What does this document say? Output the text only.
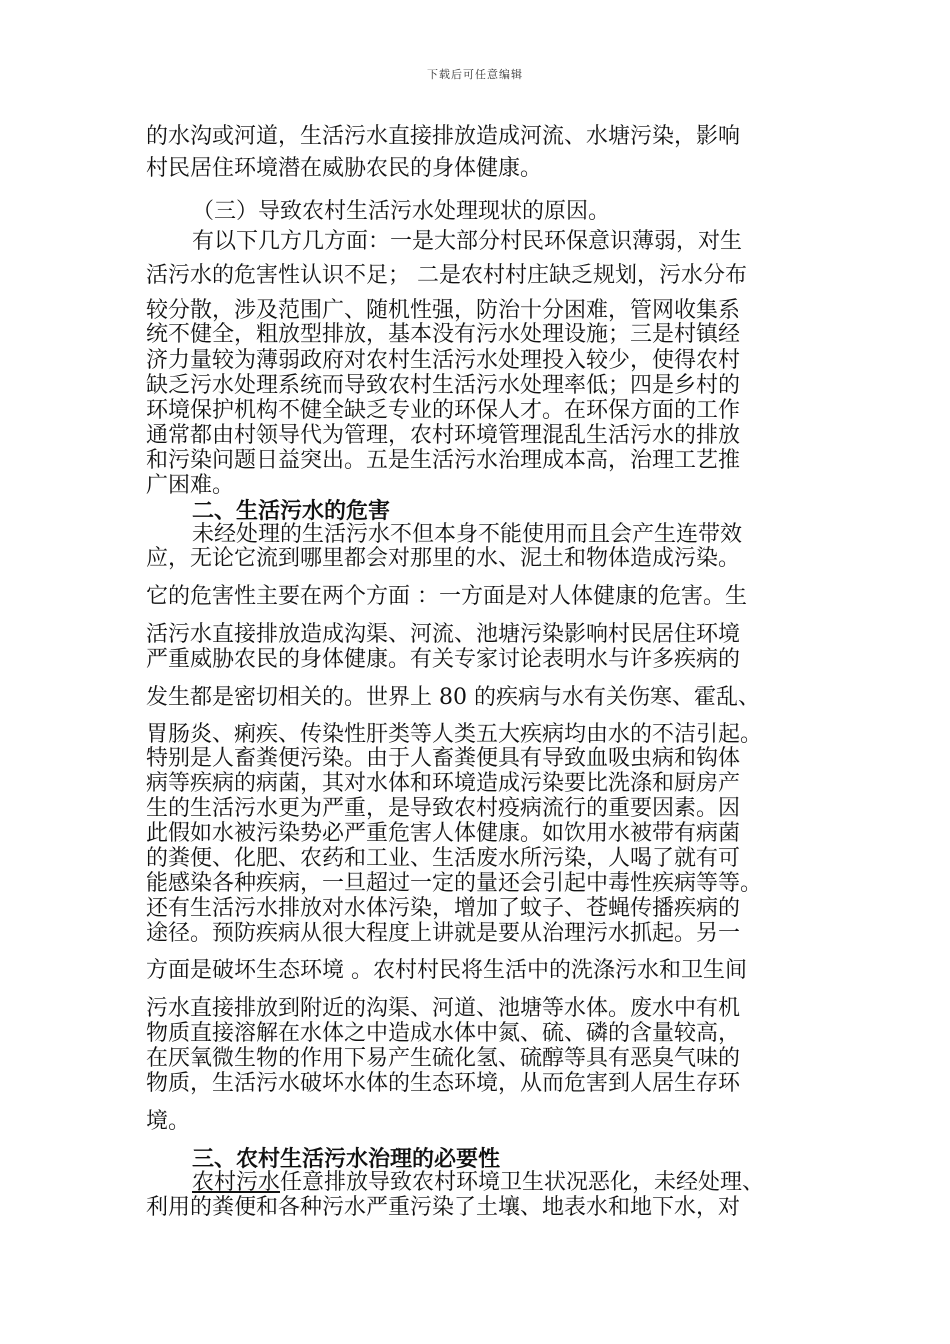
下载后可任意编辑
的水沟或河道，生活污水直接排放造成河流、水塘污染，影响
村民居住环境潜在威胁农民的身体健康。
（三）导致农村生活污水处理现状的原因。
有以下几方几方面：一是大部分村民环保意识薄弱，对生
活污水的危害性认识不足； 二是农村村庄缺乏规划，污水分布
较分散，涉及范围广、随机性强，防治十分困难，管网收集系
统不健全，粗放型排放，基本没有污水处理设施；三是村镇经
济力量较为薄弱政府对农村生活污水处理投入较少，使得农村
缺乏污水处理系统而导致农村生活污水处理率低；四是乡村的
环境保护机构不健全缺乏专业的环保人才。在环保方面的工作
通常都由村领导代为管理，农村环境管理混乱生活污水的排放
和污染问题日益突出。五是生活污水治理成本高，治理工艺推
广困难。
二、生活污水的危害
未经处理的生活污水不但本身不能使用而且会产生连带效
应，无论它流到哪里都会对那里的水、泥土和物体造成污染。
它的危害性主要在两个方面 ：一方面是对人体健康的危害。生
活污水直接排放造成沟渠、河流、池塘污染影响村民居住环境
严重威胁农民的身体健康。有关专家讨论表明水与许多疾病的
发生都是密切相关的。世界上 80 的疾病与水有关伤寒、霍乱、
胃肠炎、痢疾、传染性肝类等人类五大疾病均由水的不洁引起。
特别是人畜粪便污染。由于人畜粪便具有导致血吸虫病和钩体
病等疾病的病菌，其对水体和环境造成污染要比洗涤和厨房产
生的生活污水更为严重，是导致农村疫病流行的重要因素。因
此假如水被污染势必严重危害人体健康。如饮用水被带有病菌
的粪便、化肥、农药和工业、生活废水所污染，人喝了就有可
能感染各种疾病，一旦超过一定的量还会引起中毒性疾病等等。
还有生活污水排放对水体污染，增加了蚊子、苍蝇传播疾病的
途径。预防疾病从很大程度上讲就是要从治理污水抓起。另一
方面是破坏生态环境 。农村村民将生活中的洗涤污水和卫生间
污水直接排放到附近的沟渠、河道、池塘等水体。废水中有机
物质直接溶解在水体之中造成水体中氮、硫、磷的含量较高，
在厌氧微生物的作用下易产生硫化氢、硫醇等具有恶臭气味的
物质，生活污水破坏水体的生态环境，从而危害到人居生存环
境。
三、农村生活污水治理的必要性
农村污水任意排放导致农村环境卫生状况恶化，未经处理、
利用的粪便和各种污水严重污染了土壤、地表水和地下水，对
